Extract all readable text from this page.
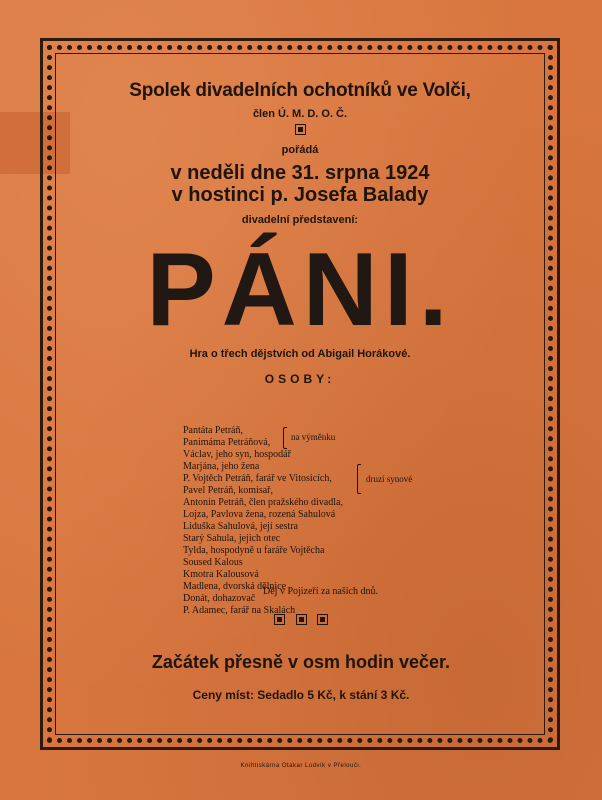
Spolek divadelních ochotníků ve Volči,
člen Ú. M. D. O. Č.
pořádá
v neděli dne 31. srpna 1924
v hostinci p. Josefa Balady
divadelní představení:
PÁNI.
Hra o třech dějstvích od Abigail Horákové.
OSOBY:
Pantáta Petráň,
Panimáma Petráňová,
Václav, jeho syn, hospodář
Marjána, jeho žena
P. Vojtěch Petráň, farář ve Vitosicích,
Pavel Petráň, komisař,
Antonín Petráň, člen pražského divadla,
Lojza, Pavlova žena, rozená Sahulová
Liduška Sahulová, její sestra
Starý Sahula, jejich otec
Tylda, hospodyně u faráře Vojtěcha
Soused Kalous
Kmotra Kalousová
Madlena, dvorská dělnice
Donát, dohazovač
P. Adamec, farář na Skalách
na výměnku
druzí synové
Děj v Pojizeří za našich dnů.

Začátek přesně v osm hodin večer.
Ceny míst: Sedadlo 5 Kč, k stání 3 Kč.
Knihtiskárna Otakar Ludvík v Přelouči.
